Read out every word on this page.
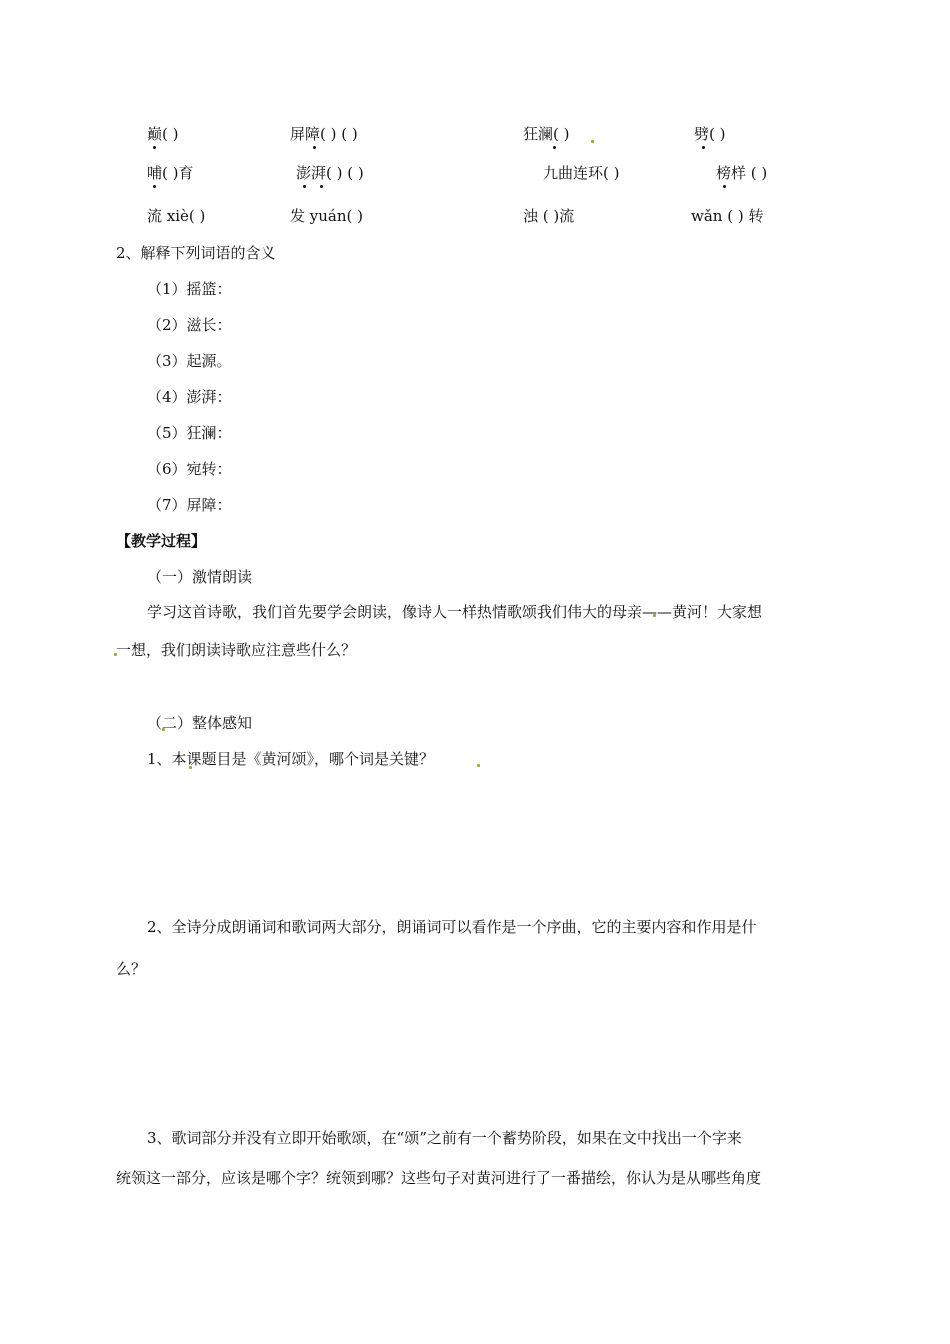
巅( )	屏障( ) ( )	狂澜( )	劈( )
哺( )育	澎湃( ) ( )	九曲连环( )	榜样 ( )
流 xiè( )	发 yuán( )	浊 ( )流	wǎn ( ) 转
2、解释下列词语的含义
（1）摇篮：
（2）滋长：
（3）起源。
（4）澎湃：
（5）狂澜：
（6）宛转：
（7）屏障：
【教学过程】
（一）激情朗读
学习这首诗歌，我们首先要学会朗读，像诗人一样热情歌颂我们伟大的母亲——黄河！大家想
一想，我们朗读诗歌应注意些什么？
（二）整体感知
1、本课题目是《黄河颂》，哪个词是关键？
2、全诗分成朗诵词和歌词两大部分，朗诵词可以看作是一个序曲，它的主要内容和作用是什
么？
3、歌词部分并没有立即开始歌颂，在“颂”之前有一个蓄势阶段，如果在文中找出一个字来
统领这一部分，应该是哪个字？统领到哪？这些句子对黄河进行了一番描绘，你认为是从哪些角度
